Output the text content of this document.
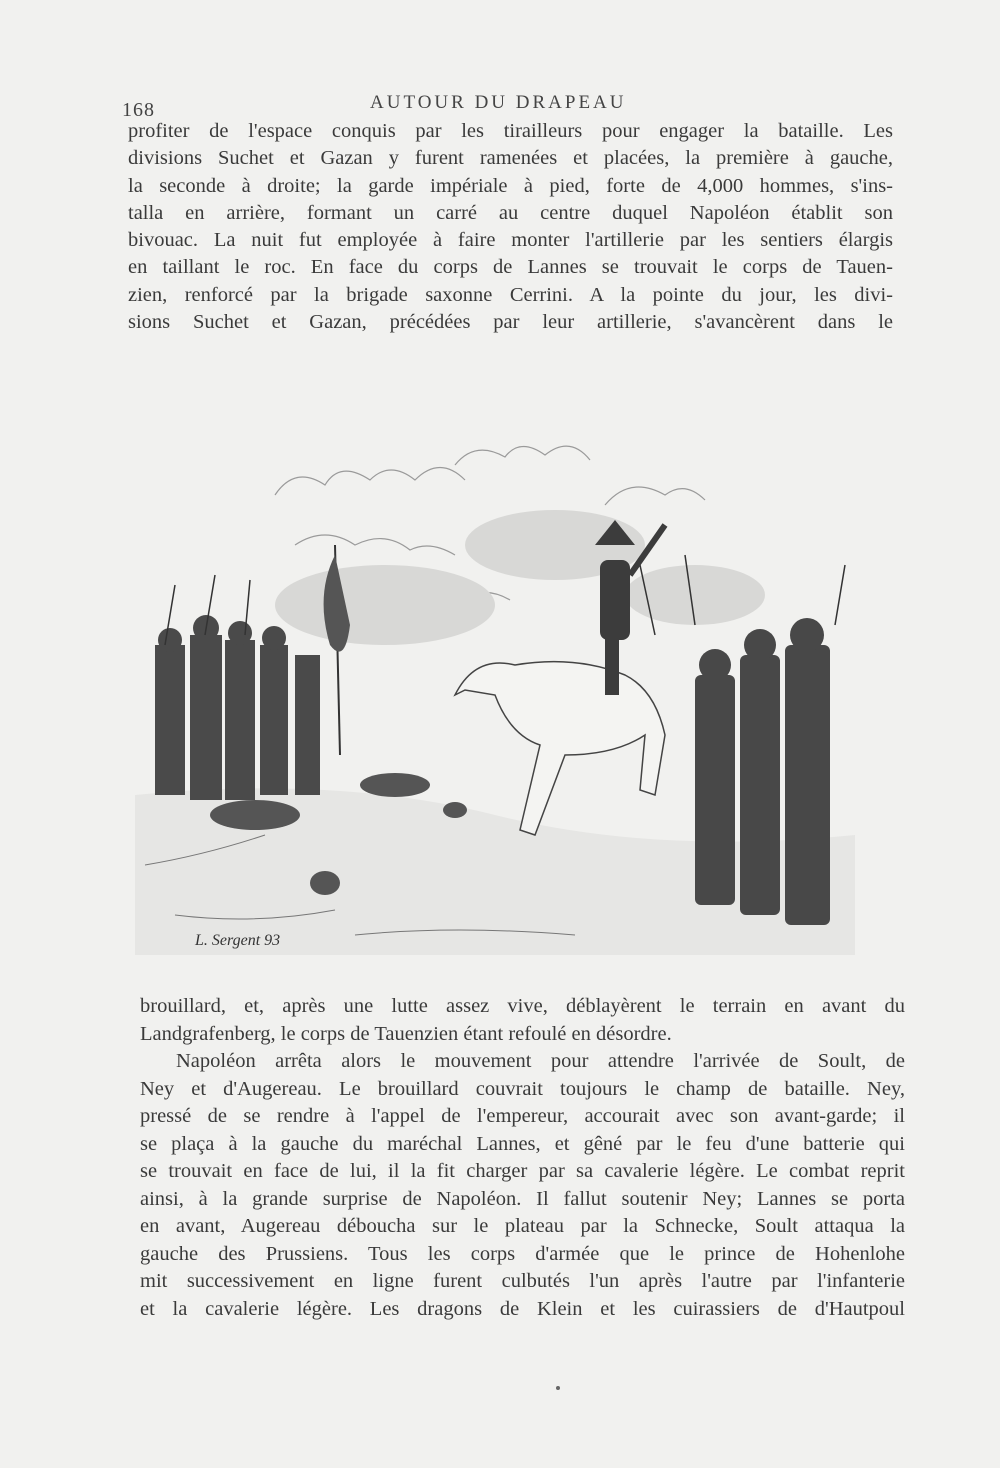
168	AUTOUR DU DRAPEAU
profiter de l'espace conquis par les tirailleurs pour engager la bataille. Les
divisions Suchet et Gazan y furent ramenées et placées, la première à gauche,
la seconde à droite; la garde impériale à pied, forte de 4,000 hommes, s'ins-
talla en arrière, formant un carré au centre duquel Napoléon établit son
bivouac. La nuit fut employée à faire monter l'artillerie par les sentiers élargis
en taillant le roc. En face du corps de Lannes se trouvait le corps de Tauen-
zien, renforcé par la brigade saxonne Cerrini. A la pointe du jour, les divi-
sions Suchet et Gazan, précédées par leur artillerie, s'avancèrent dans le
L. Sergent 93
brouillard, et, après une lutte assez vive, déblayèrent le terrain en avant du
Landgrafenberg, le corps de Tauenzien étant refoulé en désordre.
Napoléon arrêta alors le mouvement pour attendre l'arrivée de Soult, de
Ney et d'Augereau. Le brouillard couvrait toujours le champ de bataille. Ney,
pressé de se rendre à l'appel de l'empereur, accourait avec son avant-garde; il
se plaça à la gauche du maréchal Lannes, et gêné par le feu d'une batterie qui
se trouvait en face de lui, il la fit charger par sa cavalerie légère. Le combat reprit
ainsi, à la grande surprise de Napoléon. Il fallut soutenir Ney; Lannes se porta
en avant, Augereau déboucha sur le plateau par la Schnecke, Soult attaqua la
gauche des Prussiens. Tous les corps d'armée que le prince de Hohenlohe
mit successivement en ligne furent culbutés l'un après l'autre par l'infanterie
et la cavalerie légère. Les dragons de Klein et les cuirassiers de d'Hautpoul
